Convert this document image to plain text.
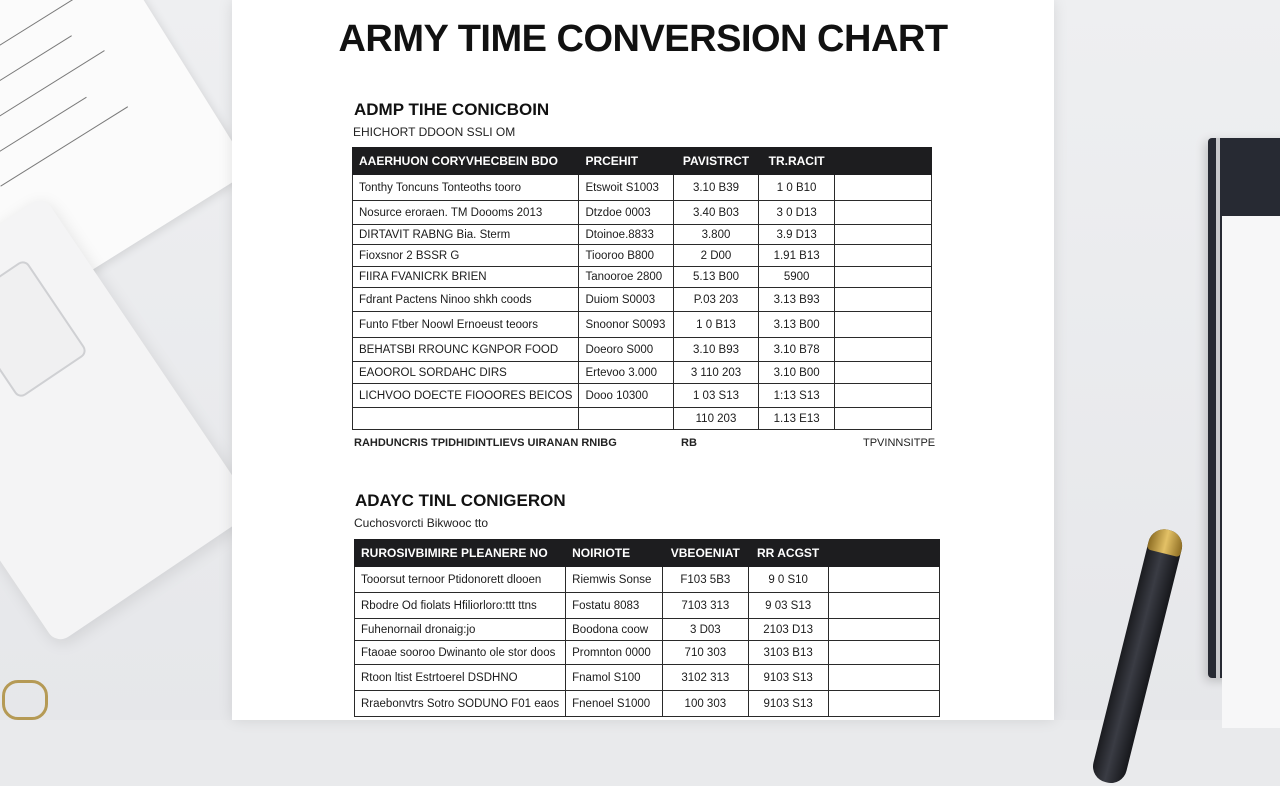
ARMY TIME CONVERSION CHART
ADMP TIHE CONICBOIN
EHICHORT DDOON SSLI OM
AAERHUON CORYVHECBEIN BDO	PRCEHIT	PAVISTRCT	TR.RACIT	
Tonthy Toncuns Tonteoths tooro	Etswoit S1003	3.10 B39	1 0 B10	
Nosurce eroraen. TM Doooms 2013	Dtzdoe 0003	3.40 B03	3 0 D13	
DIRTAVIT RABNG Bia. Sterm	Dtoinoe.8833	3.800	3.9 D13	
Fioxsnor 2 BSSR G	Tiooroo B800	2 D00	1.91 B13	
FIIRA FVANICRK BRIEN	Tanooroe 2800	5.13 B00	5900	
Fdrant Pactens Ninoo shkh coods	Duiom S0003	P.03 203	3.13 B93	
Funto Ftber Noowl Ernoeust teoors	Snoonor S0093	1 0 B13	3.13 B00	
BEHATSBI RROUNC KGNPOR FOOD	Doeoro S000	3.10 B93	3.10 B78	
EAOOROL SORDAHC DIRS	Ertevoo 3.000	3 110 203	3.10 B00	
LICHVOO DOECTE FIOOORES BEICOS	Dooo 10300	1 03 S13	1:13 S13	
		110 203	1.13 E13	
RAHDUNCRIS TPIDHIDINTLIEVS UIRANAN RNIBG	RB	TPVINNSITPE
ADAYC TINL CONIGERON
Cuchosvorcti Bikwooc tto
RUROSIVBIMIRE PLEANERE NO	NOIRIOTE	VBEOENIAT	RR ACGST	
Tooorsut ternoor Ptidonorett dlooen	Riemwis Sonse	F103 5B3	9 0 S10	
Rbodre Od fiolats Hfiliorloro:ttt ttns	Fostatu 8083	7103 313	9 03 S13	
Fuhenornail dronaig:jo	Boodona coow	3 D03	2103 D13	
Ftaoae sooroo Dwinanto ole stor doos	Promnton 0000	710 303	3103 B13	
Rtoon ltist Estrtoerel DSDHNO	Fnamol S100	3102 313	9103 S13	
Rraebonvtrs Sotro SODUNO F01 eaos	Fnenoel S1000	100 303	9103 S13	
